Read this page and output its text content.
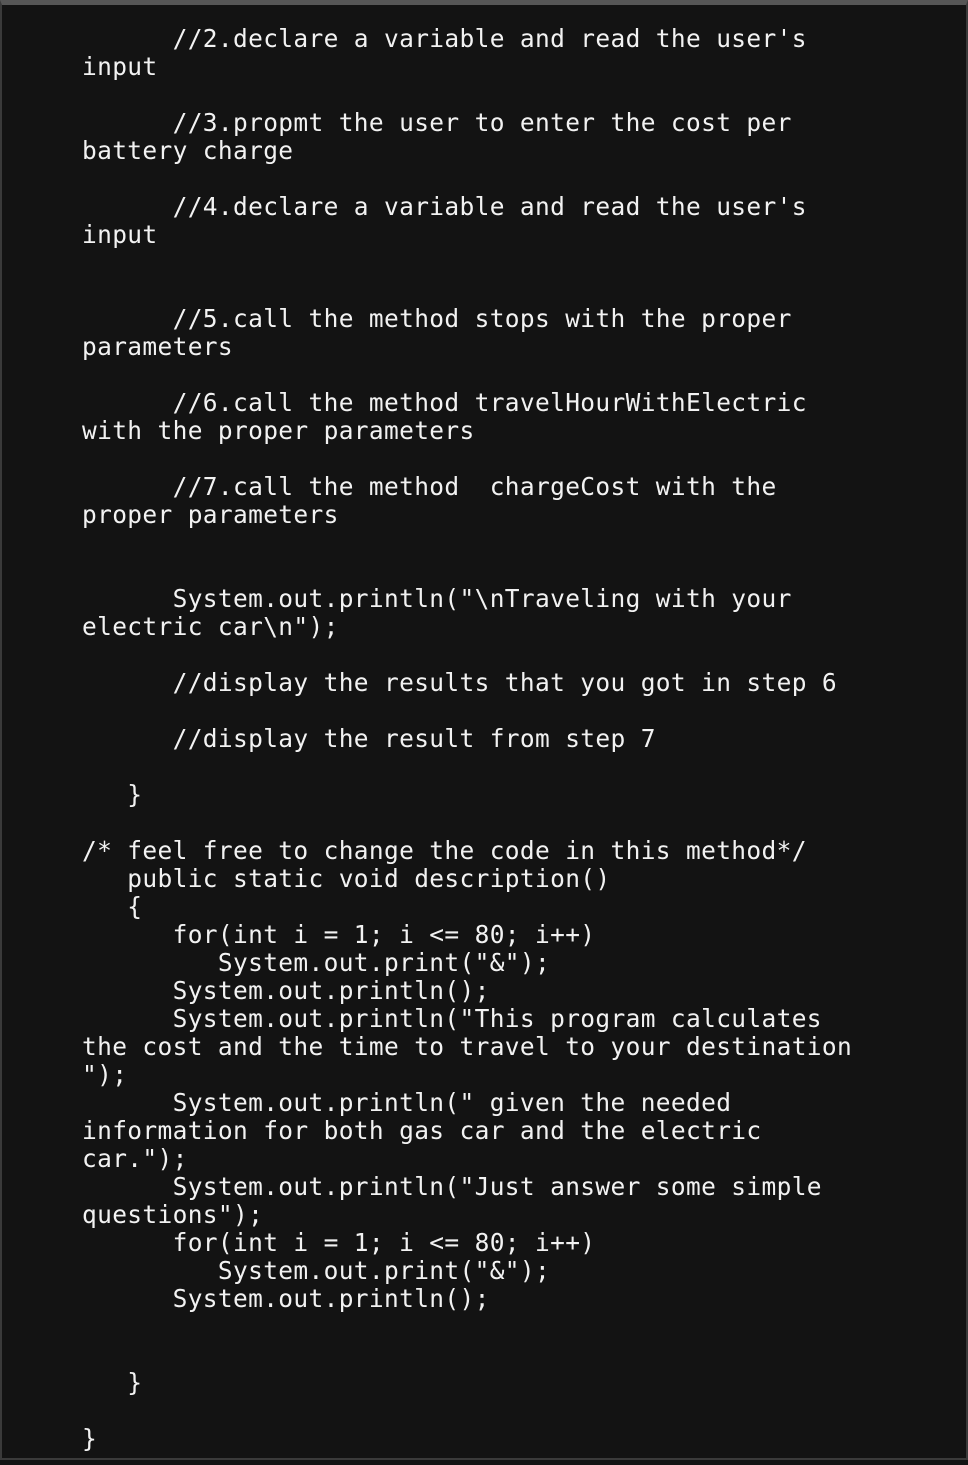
//2.declare a variable and read the user's
input
//3.propmt the user to enter the cost per
battery charge
//4.declare a variable and read the user's
input
//5.call the method stops with the proper
parameters
//6.call the method travelHourWithElectric
with the proper parameters
//7.call the method  chargeCost with the
proper parameters
System.out.println("\nTraveling with your
electric car\n");
//display the results that you got in step 6
//display the result from step 7
}
/* feel free to change the code in this method*/
public static void description()
{
for(int i = 1; i <= 80; i++)
System.out.print("&");
System.out.println();
System.out.println("This program calculates
the cost and the time to travel to your destination
");
System.out.println(" given the needed
information for both gas car and the electric
car.");
System.out.println("Just answer some simple
questions");
for(int i = 1; i <= 80; i++)
System.out.print("&");
System.out.println();
}
}
